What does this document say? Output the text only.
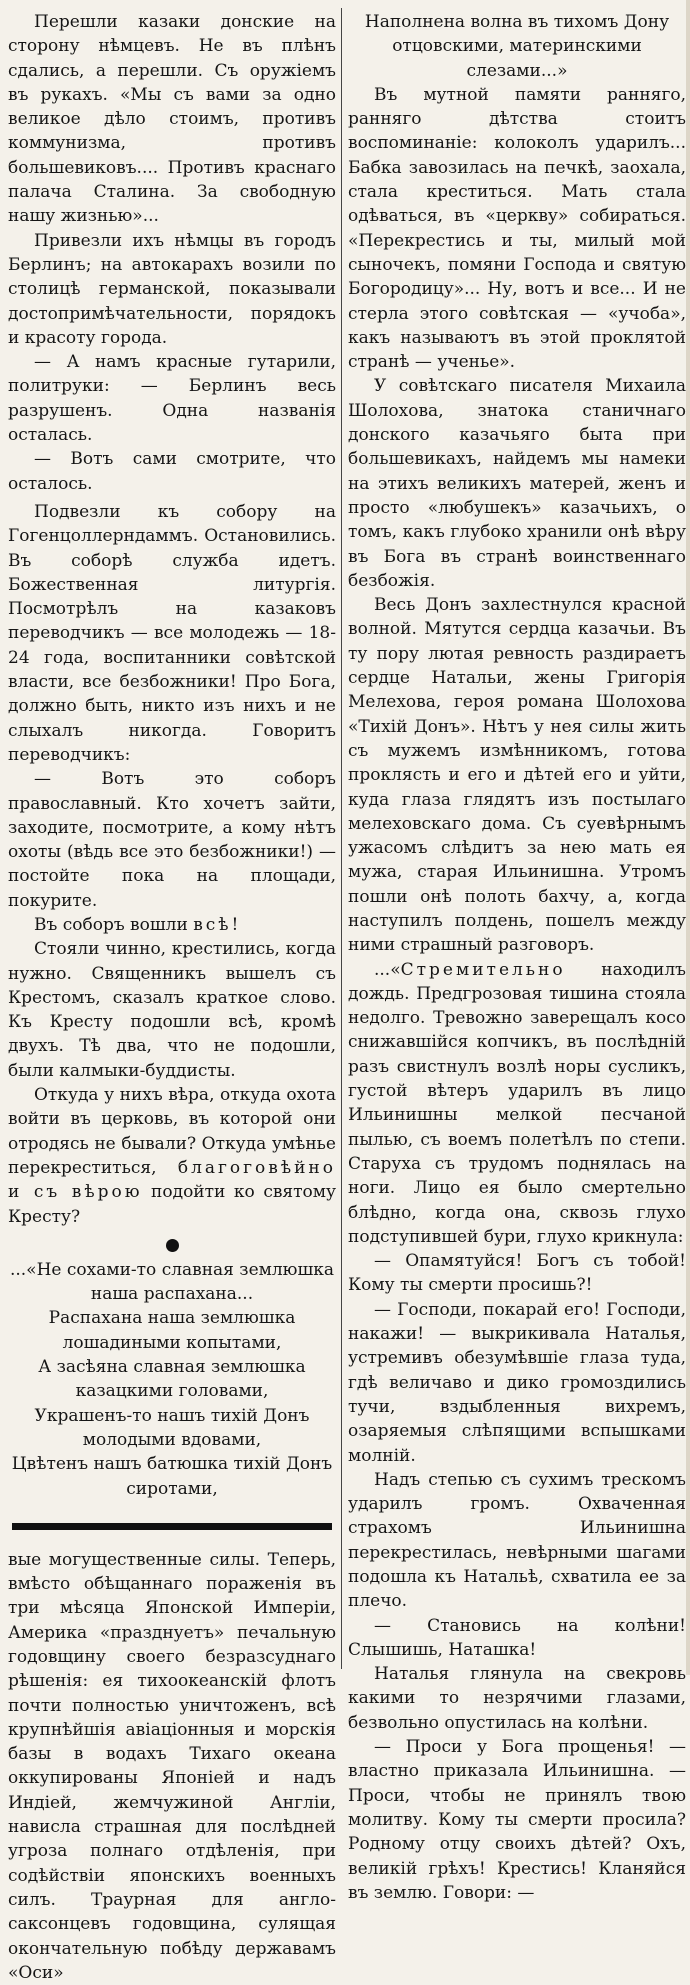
Перешли казаки донские на сторону нѣмцевъ. Не въ плѣнъ сдались, а перешли. Съ оружіемъ въ рукахъ. «Мы съ вами за одно великое дѣло стоимъ, противъ коммунизма, противъ большевиковъ.... Противъ краснаго палача Сталина. За свободную нашу жизнью»...

Привезли ихъ нѣмцы въ городъ Берлинъ; на автокарахъ возили по столицѣ германской, показывали достопримѣчательности, порядокъ и красоту города.

— А намъ красные гутарили, политруки: — Берлинъ весь разрушенъ. Одна названія осталась.

— Вотъ сами смотрите, что осталось.

Подвезли къ собору на Гогенцоллерндаммъ. Остановились. Въ соборѣ служба идетъ. Божественная литургія. Посмотрѣлъ на казаковъ переводчикъ — все молодежь — 18-24 года, воспитанники совѣтской власти, все безбожники! Про Бога, должно быть, никто изъ нихъ и не слыхалъ никогда. Говоритъ переводчикъ:

— Вотъ это соборъ православный. Кто хочетъ зайти, заходите, посмотрите, а кому нѣтъ охоты (вѣдь все это безбожники!) — постойте пока на площади, покурите.

Въ соборъ вошли всѣ!

Стояли чинно, крестились, когда нужно. Священникъ вышелъ съ Крестомъ, сказалъ краткое слово. Къ Кресту подошли всѣ, кромѣ двухъ. Тѣ два, что не подошли, были калмыки-буддисты.

Откуда у нихъ вѣра, откуда охота войти въ церковь, въ которой они отродясь не бывали? Откуда умѣнье перекреститься, благоговѣйно и съ вѣрою подойти ко святому Кресту?

...«Не сохами-то славная землюшка наша распахана...
Распахана наша землюшка лошадиными копытами,
А засѣяна славная землюшка казацкими головами,
Украшенъ-то нашъ тихій Донъ молодыми вдовами,
Цвѣтенъ нашъ батюшка тихій Донъ сиротами,

вые могущественные силы. Теперь, вмѣсто обѣщаннаго пораженія въ три мѣсяца Японской Имперіи, Америка «празднуетъ» печальную годовщину своего безразсуднаго рѣшенія: ея тихоокеанскій флотъ почти полностью уничтоженъ, всѣ крупнѣйшія авіаціонныя и морскія базы в водахъ Тихаго океана оккупированы Японіей и надъ Индіей, жемчужиной Англіи, нависла страшная для послѣдней угроза полнаго отдѣленія, при содѣйствіи японскихъ военныхъ силъ. Траурная для англо-саксонцевъ годовщина, сулящая окончательную побѣду державамъ «Оси»

Наполнена волна въ тихомъ Дону отцовскими, материнскими слезами...»

Въ мутной памяти ранняго, ранняго дѣтства стоитъ воспоминаніе: колоколъ ударилъ... Бабка завозилась на печкѣ, заохала, стала креститься. Мать стала одѣваться, въ «церкву» собираться. «Перекрестись и ты, милый мой сыночекъ, помяни Господа и святую Богородицу»... Ну, вотъ и все... И не стерла этого совѣтская — «учоба», какъ называютъ въ этой проклятой странѣ — ученье».

У совѣтскаго писателя Михаила Шолохова, знатока станичнаго донского казачьяго быта при большевикахъ, найдемъ мы намеки на этихъ великихъ матерей, женъ и просто «любушекъ» казачьихъ, о томъ, какъ глубоко хранили онѣ вѣру въ Бога въ странѣ воинственнаго безбожія.

Весь Донъ захлестнулся красной волной. Мятутся сердца казачьи. Въ ту пору лютая ревность раздираетъ сердце Натальи, жены Григорія Мелехова, героя романа Шолохова «Тихій Донъ». Нѣтъ у нея силы жить съ мужемъ измѣнникомъ, готова проклясть и его и дѣтей его и уйти, куда глаза глядятъ изъ постылаго мелеховскаго дома. Съ суевѣрнымъ ужасомъ слѣдитъ за нею мать ея мужа, старая Ильинишна. Утромъ пошли онѣ полоть бахчу, а, когда наступилъ полдень, пошелъ между ними страшный разговоръ.

...«Стремительно находилъ дождь. Предгрозовая тишина стояла недолго. Тревожно заверещалъ косо снижавшійся копчикъ, въ послѣдній разъ свистнулъ возлѣ норы сусликъ, густой вѣтеръ ударилъ въ лицо Ильинишны мелкой песчаной пылью, съ воемъ полетѣлъ по степи. Старуха съ трудомъ поднялась на ноги. Лицо ея было смертельно блѣдно, когда она, сквозь глухо подступившей бури, глухо крикнула:

— Опамятуйся! Богъ съ тобой! Кому ты смерти просишь?!

— Господи, покарай его! Господи, накажи! — выкрикивала Наталья, устремивъ обезумѣвшіе глаза туда, гдѣ величаво и дико громоздились тучи, вздыбленныя вихремъ, озаряемыя слѣпящими вспышками молній.

Надъ степью съ сухимъ трескомъ ударилъ громъ. Охваченная страхомъ Ильинишна перекрестилась, невѣрными шагами подошла къ Натальѣ, схватила ее за плечо.

— Становись на колѣни! Слышишь, Наташка!

Наталья глянула на свекровь какими то незрячими глазами, безвольно опустилась на колѣни.

— Проси у Бога прощенья! — властно приказала Ильинишна. — Проси, чтобы не принялъ твою молитву. Кому ты смерти просила? Родному отцу своихъ дѣтей? Охъ, великій грѣхъ! Крестись! Кланяйся въ землю. Говори: —
